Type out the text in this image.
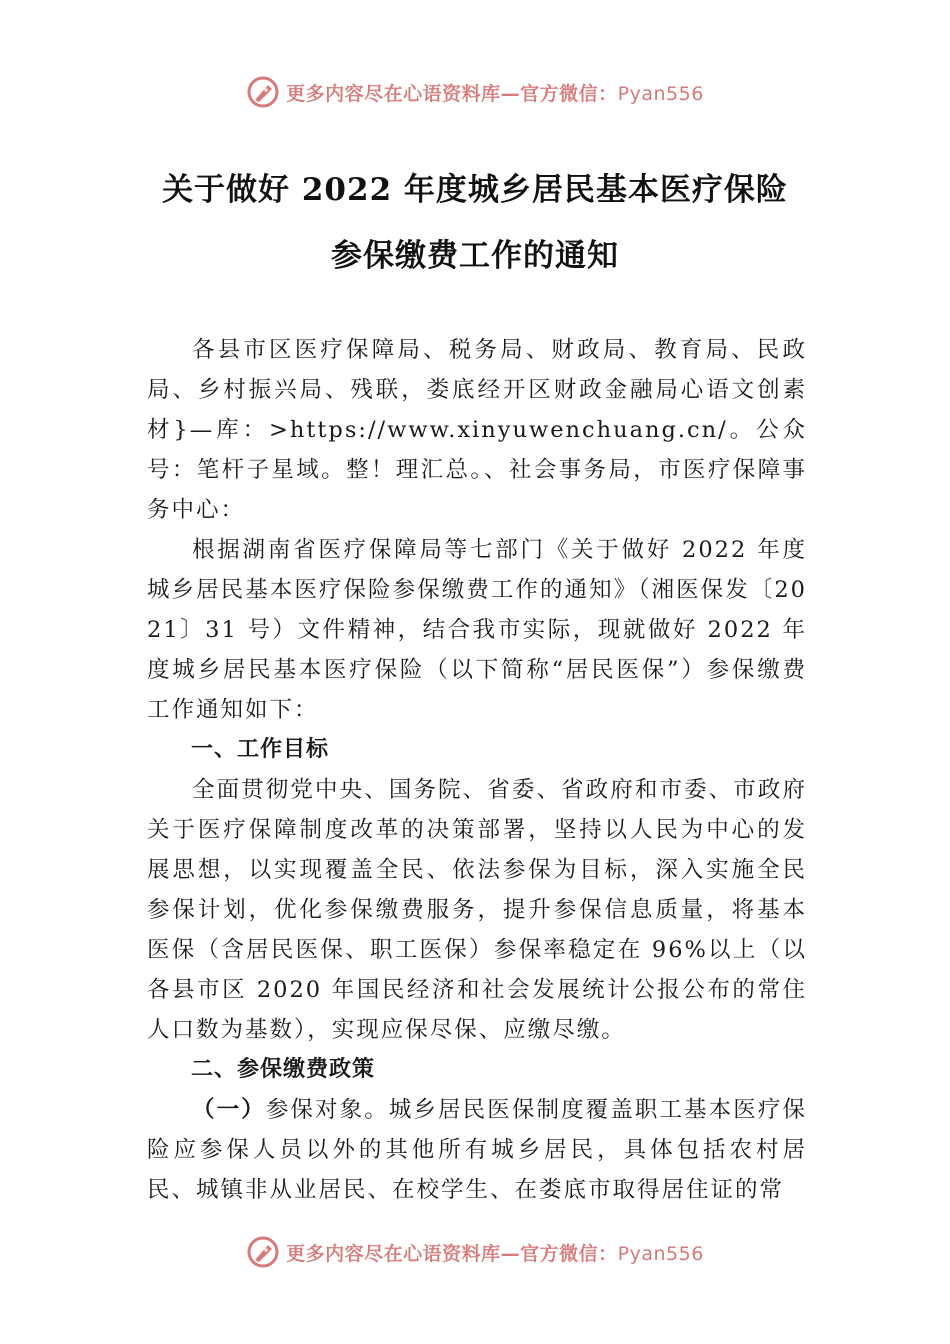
更多内容尽在心语资料库—官方微信：Pyan556
关于做好 2022 年度城乡居民基本医疗保险
参保缴费工作的通知

各县市区医疗保障局、税务局、财政局、教育局、民政局、乡村振兴局、残联，娄底经开区财政金融局心语文创素材}—库：>https://www.xinyuwenchuang.cn/。公众号：笔杆子星域。整！理汇总。、社会事务局，市医疗保障事务中心：

根据湖南省医疗保障局等七部门《关于做好 2022 年度城乡居民基本医疗保险参保缴费工作的通知》（湘医保发〔2021〕31 号）文件精神，结合我市实际，现就做好 2022 年度城乡居民基本医疗保险（以下简称“居民医保”）参保缴费工作通知如下：

一、工作目标

全面贯彻党中央、国务院、省委、省政府和市委、市政府关于医疗保障制度改革的决策部署，坚持以人民为中心的发展思想，以实现覆盖全民、依法参保为目标，深入实施全民参保计划，优化参保缴费服务，提升参保信息质量，将基本医保（含居民医保、职工医保）参保率稳定在 96%以上（以各县市区 2020 年国民经济和社会发展统计公报公布的常住人口数为基数），实现应保尽保、应缴尽缴。

二、参保缴费政策

（一）参保对象。城乡居民医保制度覆盖职工基本医疗保险应参保人员以外的其他所有城乡居民，具体包括农村居民、城镇非从业居民、在校学生、在娄底市取得居住证的常

更多内容尽在心语资料库—官方微信：Pyan556
